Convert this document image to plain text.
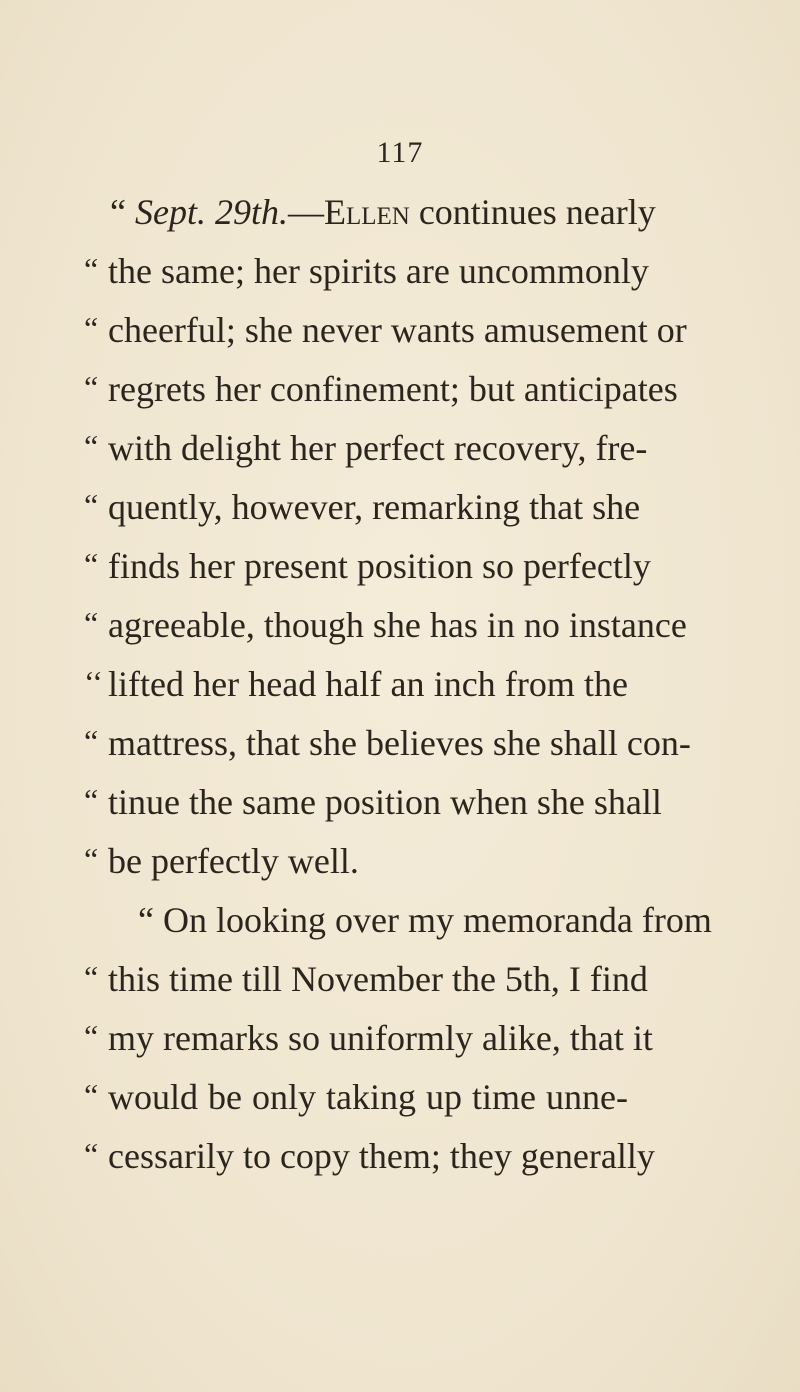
117
“ Sept. 29th.—Ellen continues nearly
“ the same; her spirits are uncommonly
“ cheerful; she never wants amusement or
“ regrets her confinement; but anticipates
“ with delight her perfect recovery, fre-
“ quently, however, remarking that she
“ finds her present position so perfectly
“ agreeable, though she has in no instance
‘‘ lifted her head half an inch from the
“ mattress, that she believes she shall con-
“ tinue the same position when she shall
“ be perfectly well.
“ On looking over my memoranda from
“ this time till November the 5th, I find
“ my remarks so uniformly alike, that it
“ would be only taking up time unne-
“ cessarily to copy them; they generally
